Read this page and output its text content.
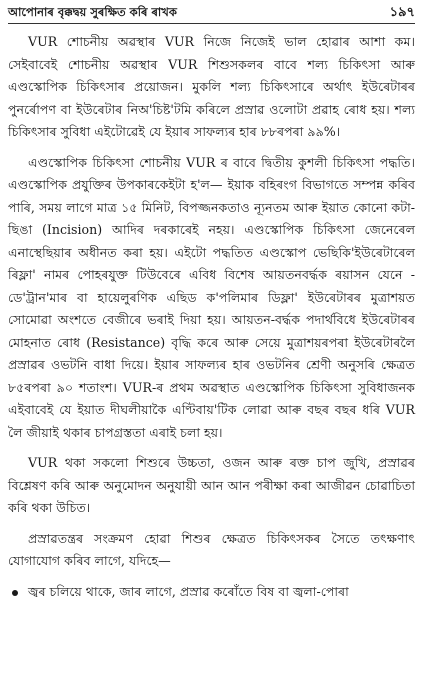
আপোনাৰ বৃক্কদ্বয় সুৰক্ষিত কৰি ৰাখক	১৯৭

VUR শোচনীয় অৱস্থাৰ VUR নিজে নিজেই ভাল হোৱাৰ আশা কম। সেইবাবেই শোচনীয় অৱস্থাৰ VUR শিশুসকলৰ বাবে শল্য চিকিৎসা আৰু এণ্ডস্কোপিক চিকিৎসাৰ প্ৰয়োজন। মুকলি শল্য চিকিৎসাৰে অৰ্থাৎ ইউৰেটাৰৰ পুনৰ্ৰোপণ বা ইউৰেটাৰ নিঅ'চিষ্ট'টমি কৰিলে প্ৰস্ৰাৱ ওলোটা প্ৰৱাহ ৰোধ হয়। শল্য চিকিৎসাৰ সুবিধা এইটোৱেই যে ইয়াৰ সাফল্যৰ হাৰ ৮৮ৰপৰা ৯৯%।

এণ্ডস্কোপিক চিকিৎসা শোচনীয় VUR ৰ বাবে দ্বিতীয় কুশলী চিকিৎসা পদ্ধতি। এণ্ডস্কোপিক প্ৰযুক্তিৰ উপকাৰকেইটা হ'ল— ইয়াক বহিৰংগ বিভাগতে সম্পন্ন কৰিব পাৰি, সময় লাগে মাত্ৰ ১৫ মিনিট, বিপজ্জনকতাও ন্যূনতম আৰু ইয়াত কোনো কটা-ছিঙা (Incision) আদিৰ দৰকাৰেই নহয়। এণ্ডস্কোপিক চিকিৎসা জেনেৰেল এনাস্থেছিয়াৰ অধীনত কৰা হয়। এইটো পদ্ধতিত এণ্ডস্কোপ ভেছিকি'ইউৰেটাৰেল ৰিফ্লা' নামৰ পোহৰযুক্ত টিউবেৰে এবিধ বিশেষ আয়তনবৰ্দ্ধক ৰয়াসন যেনে - ডে'ট্ৰান'মাৰ বা হায়েলুৰণিক এছিড ক'পলিমাৰ ডিফ্লা' ইউৰেটাৰৰ মুত্ৰাশয়ত সোমোৱা অংশতে বেজীৰে ভৰাই দিয়া হয়। আয়তন-বৰ্দ্ধক পদাৰ্থবিধে ইউৰেটাৰৰ মোহনাত ৰোধ (Resistance) বৃদ্ধি কৰে আৰু সেয়ে মুত্ৰাশয়ৰপৰা ইউৰেটাৰলৈ প্ৰস্ৰাৱৰ ওভটনি বাধা দিয়ে। ইয়াৰ সাফল্যৰ হাৰ ওভটনিৰ শ্ৰেণী অনুসৰি ক্ষেত্ৰত ৮৫ৰপৰা ৯০ শতাংশ। VUR-ৰ প্ৰথম অৱস্থাত এণ্ডস্কোপিক চিকিৎসা সুবিধাজনক এইবাবেই যে ইয়াত দীঘলীয়াকৈ এণ্টিবায়'টিক লোৱা আৰু বছৰ বছৰ ধৰি VUR লৈ জীয়াই থকাৰ চাপগ্ৰস্ততা এৰাই চলা হয়।

VUR থকা সকলো শিশুৰে উচ্চতা, ওজন আৰু ৰক্ত চাপ জুখি, প্ৰস্ৰাৱৰ বিশ্লেষণ কৰি আৰু অনুমোদন অনুযায়ী আন আন পৰীক্ষা কৰা আজীৱন চোৱাচিতা কৰি থকা উচিত।

প্ৰস্ৰাৱতন্ত্ৰৰ সংক্ৰমণ হোৱা শিশুৰ ক্ষেত্ৰত চিকিৎসকৰ সৈতে তৎক্ষণাৎ যোগাযোগ কৰিব লাগে, যদিহে—

জ্বৰ চলিয়ে থাকে, জাৰ লাগে, প্ৰস্ৰাৱ কৰোঁতে বিষ বা জ্বলা-পোৰা
